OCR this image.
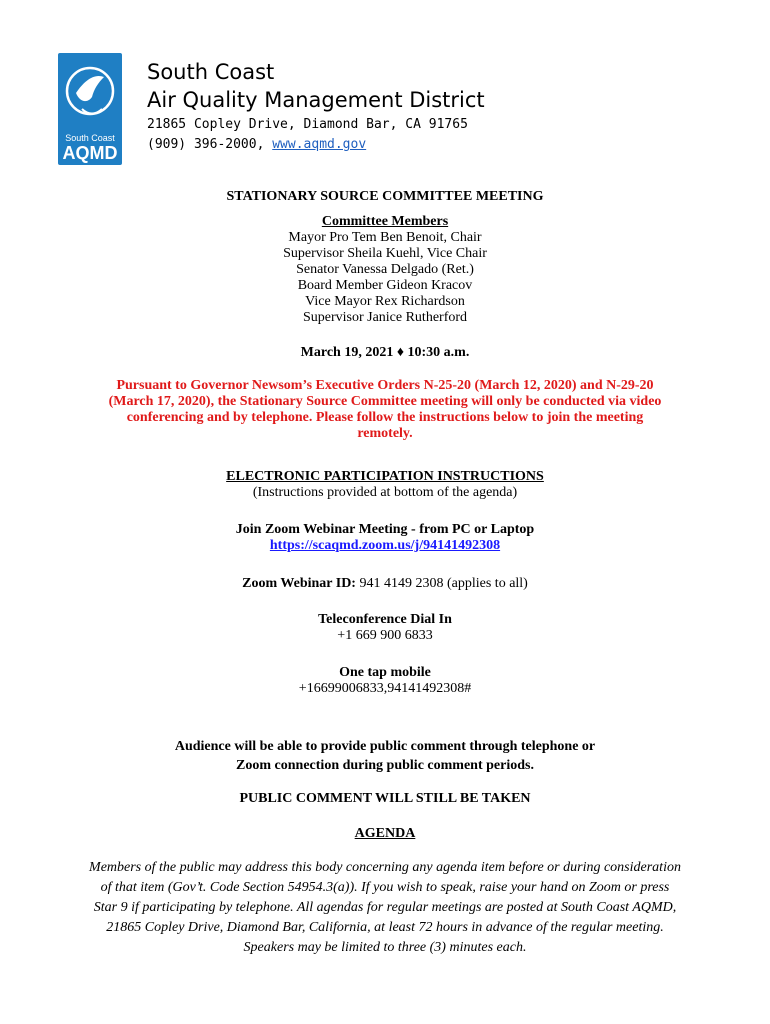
South Coast
AQMD
South Coast
Air Quality Management District
21865 Copley Drive, Diamond Bar, CA 91765
(909) 396-2000, www.aqmd.gov
STATIONARY SOURCE COMMITTEE MEETING
Committee Members
Mayor Pro Tem Ben Benoit, Chair
Supervisor Sheila Kuehl, Vice Chair
Senator Vanessa Delgado (Ret.)
Board Member Gideon Kracov
Vice Mayor Rex Richardson
Supervisor Janice Rutherford
March 19, 2021 ♦ 10:30 a.m.
Pursuant to Governor Newsom’s Executive Orders N-25-20 (March 12, 2020) and N-29-20
(March 17, 2020), the Stationary Source Committee meeting will only be conducted via video
conferencing and by telephone. Please follow the instructions below to join the meeting
remotely.
ELECTRONIC PARTICIPATION INSTRUCTIONS
(Instructions provided at bottom of the agenda)
Join Zoom Webinar Meeting - from PC or Laptop
https://scaqmd.zoom.us/j/94141492308
Zoom Webinar ID: 941 4149 2308 (applies to all)
Teleconference Dial In
+1 669 900 6833
One tap mobile
+16699006833,94141492308#
Audience will be able to provide public comment through telephone or
Zoom connection during public comment periods.
PUBLIC COMMENT WILL STILL BE TAKEN
AGENDA
Members of the public may address this body concerning any agenda item before or during consideration
of that item (Gov’t. Code Section 54954.3(a)). If you wish to speak, raise your hand on Zoom or press
Star 9 if participating by telephone. All agendas for regular meetings are posted at South Coast AQMD,
21865 Copley Drive, Diamond Bar, California, at least 72 hours in advance of the regular meeting.
Speakers may be limited to three (3) minutes each.
